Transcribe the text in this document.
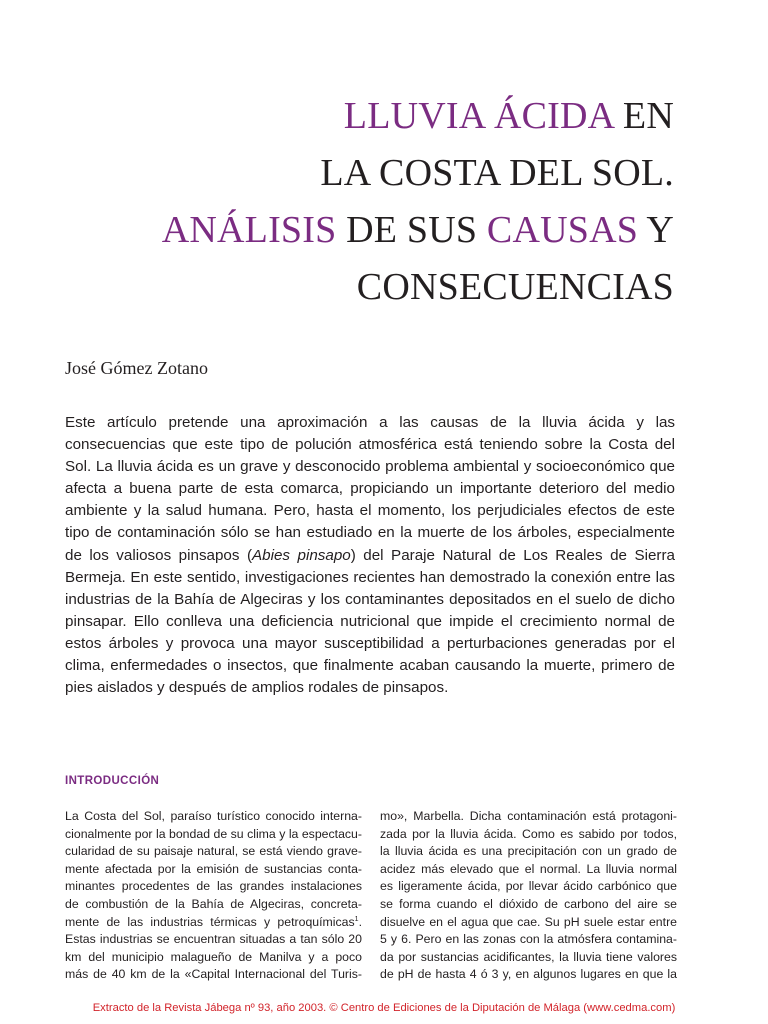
LLUVIA ÁCIDA EN
LA COSTA DEL SOL.
ANÁLISIS DE SUS CAUSAS Y
CONSECUENCIAS
José Gómez Zotano
Este artículo pretende una aproximación a las causas de la lluvia ácida y las
consecuencias que este tipo de polución atmosférica está teniendo sobre la Costa del
Sol. La lluvia ácida es un grave y desconocido problema ambiental y socioeconómico que
afecta a buena parte de esta comarca, propiciando un importante deterioro del medio
ambiente y la salud humana. Pero, hasta el momento, los perjudiciales efectos de este
tipo de contaminación sólo se han estudiado en la muerte de los árboles, especialmente
de los valiosos pinsapos (Abies pinsapo) del Paraje Natural de Los Reales de Sierra
Bermeja. En este sentido, investigaciones recientes han demostrado la conexión entre las
industrias de la Bahía de Algeciras y los contaminantes depositados en el suelo de dicho
pinsapar. Ello conlleva una deficiencia nutricional que impide el crecimiento normal de
estos árboles y provoca una mayor susceptibilidad a perturbaciones generadas por el
clima, enfermedades o insectos, que finalmente acaban causando la muerte, primero de
pies aislados y después de amplios rodales de pinsapos.
INTRODUCCIÓN
La Costa del Sol, paraíso turístico conocido interna-
cionalmente por la bondad de su clima y la espectacu-
cularidad de su paisaje natural, se está viendo grave-
mente afectada por la emisión de sustancias conta-
minantes procedentes de las grandes instalaciones
de combustión de la Bahía de Algeciras, concreta-
mente de las industrias térmicas y petroquímicas$^1$.
Estas industrias se encuentran situadas a tan sólo 20
km del municipio malagueño de Manilva y a poco
más de 40 km de la «Capital Internacional del Turis-
mo», Marbella. Dicha contaminación está protagoni-
zada por la lluvia ácida. Como es sabido por todos,
la lluvia ácida es una precipitación con un grado de
acidez más elevado que el normal. La lluvia normal
es ligeramente ácida, por llevar ácido carbónico que
se forma cuando el dióxido de carbono del aire se
disuelve en el agua que cae. Su pH suele estar entre
5 y 6. Pero en las zonas con la atmósfera contamina-
da por sustancias acidificantes, la lluvia tiene valores
de pH de hasta 4 ó 3 y, en algunos lugares en que la
Extracto de la Revista Jábega nº 93, año 2003. © Centro de Ediciones de la Diputación de Málaga (www.cedma.com)
